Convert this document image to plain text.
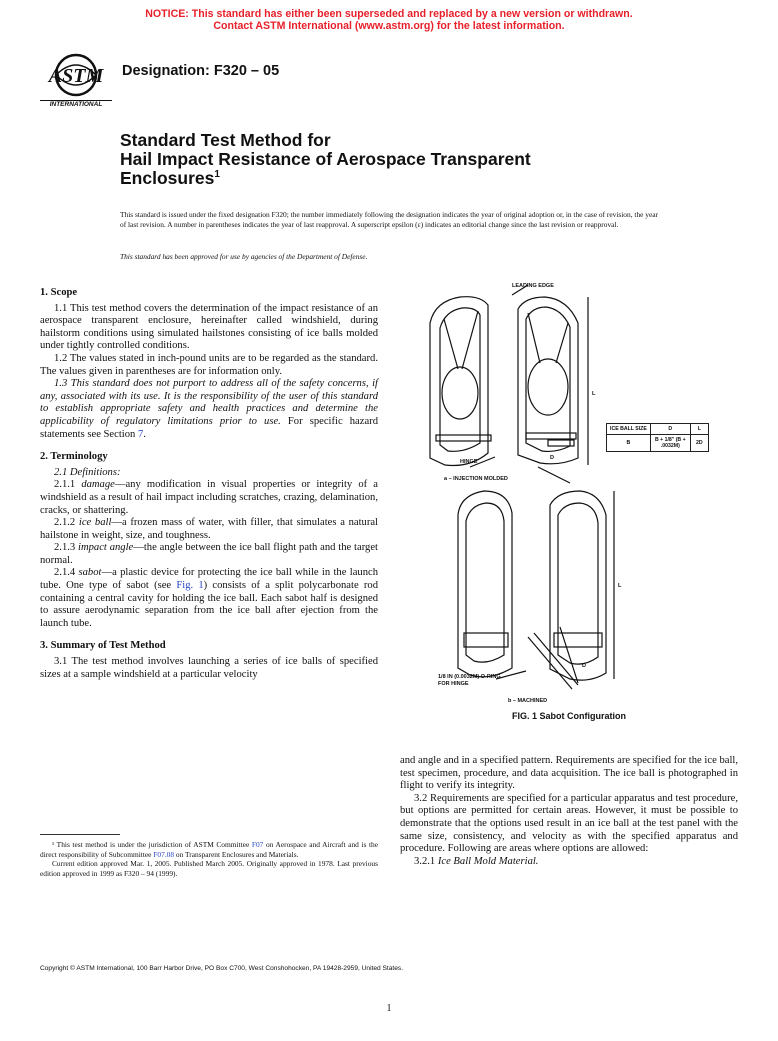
NOTICE: This standard has either been superseded and replaced by a new version or withdrawn.
Contact ASTM International (www.astm.org) for the latest information.
ASTM
INTERNATIONAL
Designation: F320 – 05
Standard Test Method for
Hail Impact Resistance of Aerospace Transparent
Enclosures$^1$
This standard is issued under the fixed designation F320; the number immediately following the designation indicates the year of original adoption or, in the case of revision, the year of last revision. A number in parentheses indicates the year of last reapproval. A superscript epsilon (ε) indicates an editorial change since the last revision or reapproval.
This standard has been approved for use by agencies of the Department of Defense.
1. Scope

1.1 This test method covers the determination of the impact resistance of an aerospace transparent enclosure, hereinafter called windshield, during hailstorm conditions using simulated hailstones consisting of ice balls molded under tightly controlled conditions.

1.2 The values stated in inch-pound units are to be regarded as the standard. The values given in parentheses are for information only.

1.3 This standard does not purport to address all of the safety concerns, if any, associated with its use. It is the responsibility of the user of this standard to establish appropriate safety and health practices and determine the applicability of regulatory limitations prior to use. For specific hazard statements see Section 7.

2. Terminology

2.1 Definitions:

2.1.1 damage—any modification in visual properties or integrity of a windshield as a result of hail impact including scratches, crazing, delamination, cracks, or shattering.

2.1.2 ice ball—a frozen mass of water, with filler, that simulates a natural hailstone in weight, size, and toughness.

2.1.3 impact angle—the angle between the ice ball flight path and the target normal.

2.1.4 sabot—a plastic device for protecting the ice ball while in the launch tube. One type of sabot (see Fig. 1) consists of a split polycarbonate rod containing a central cavity for holding the ice ball. Each sabot half is designed to assure aerodynamic separation from the ice ball after ejection from the launch tube.

3. Summary of Test Method

3.1 The test method involves launching a series of ice balls of specified sizes at a sample windshield at a particular velocity

LEADING EDGE
HINGE
a – INJECTION MOLDED
L
D
L
D
1/8 IN (0.0032M) O-RING
FOR HINGE
b – MACHINED
ICE BALL SIZE	D	L
B	B + 1/8" (B + .0032M)	2D
FIG. 1 Sabot Configuration

and angle and in a specified pattern. Requirements are specified for the ice ball, test specimen, procedure, and data acquisition. The ice ball is photographed in flight to verify its integrity.

3.2 Requirements are specified for a particular apparatus and test procedure, but options are permitted for certain areas. However, it must be possible to demonstrate that the options used result in an ice ball at the test panel with the same size, consistency, and velocity as with the specified apparatus and procedure. Following are areas where options are allowed:

3.2.1 Ice Ball Mold Material.

¹ This test method is under the jurisdiction of ASTM Committee F07 on Aerospace and Aircraft and is the direct responsibility of Subcommittee F07.08 on Transparent Enclosures and Materials.

Current edition approved Mar. 1, 2005. Published March 2005. Originally approved in 1978. Last previous edition approved in 1999 as F320 – 94 (1999).

Copyright © ASTM International, 100 Barr Harbor Drive, PO Box C700, West Conshohocken, PA 19428-2959, United States.
1
